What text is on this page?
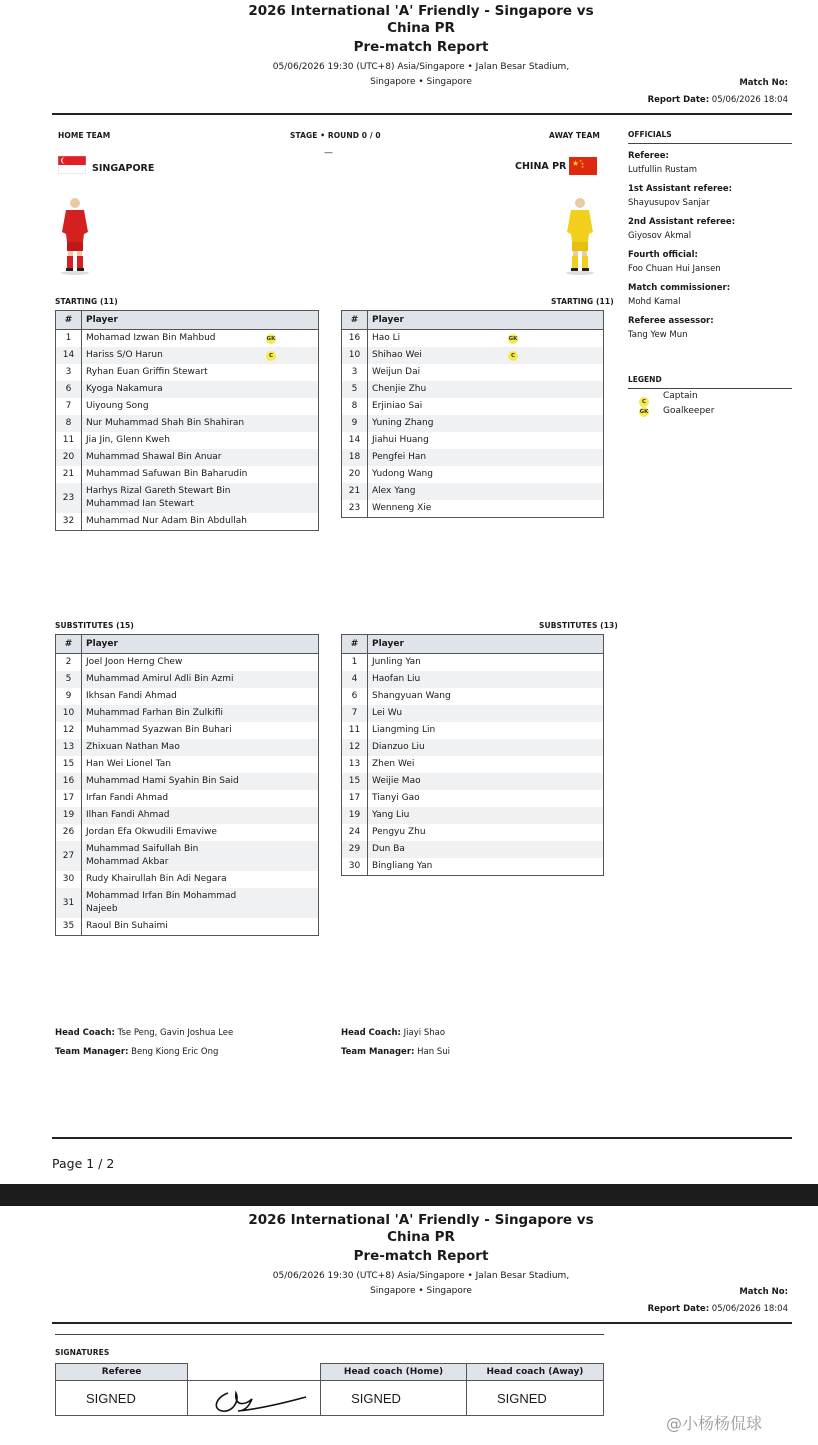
2026 International 'A' Friendly - Singapore vs
China PR
Pre-match Report
05/06/2026 19:30 (UTC+8) Asia/Singapore • Jalan Besar Stadium,
Singapore • Singapore	Match No:
Report Date: 05/06/2026 18:04
HOME TEAM	STAGE • ROUND 0 / 0
—
AWAY TEAM
SINGAPORE	CHINA PR ★ ★
★
★
STARTING (11)	STARTING (11)
#	Player
1	Mohamad Izwan Bin Mahbud GK

14	Hariss S/O Harun C

3	Ryhan Euan Griffin Stewart
6	Kyoga Nakamura
7	Uiyoung Song
8	Nur Muhammad Shah Bin Shahiran
11	Jia Jin, Glenn Kweh
20	Muhammad Shawal Bin Anuar
21	Muhammad Safuwan Bin Baharudin
23	Harhys Rizal Gareth Stewart Bin Muhammad Ian Stewart
32	Muhammad Nur Adam Bin Abdullah
#	Player
16	Hao Li GK

10	Shihao Wei C

3	Weijun Dai
5	Chenjie Zhu
8	Erjiniao Sai
9	Yuning Zhang
14	Jiahui Huang
18	Pengfei Han
20	Yudong Wang
21	Alex Yang
23	Wenneng Xie
SUBSTITUTES (15)	SUBSTITUTES (13)
#	Player
2	Joel Joon Herng Chew
5	Muhammad Amirul Adli Bin Azmi
9	Ikhsan Fandi Ahmad
10	Muhammad Farhan Bin Zulkifli
12	Muhammad Syazwan Bin Buhari
13	Zhixuan Nathan Mao
15	Han Wei Lionel Tan
16	Muhammad Hami Syahin Bin Said
17	Irfan Fandi Ahmad
19	Ilhan Fandi Ahmad
26	Jordan Efa Okwudili Emaviwe
27	Muhammad Saifullah Bin Mohammad Akbar
30	Rudy Khairullah Bin Adi Negara
31	Mohammad Irfan Bin Mohammad Najeeb
35	Raoul Bin Suhaimi
#	Player
1	Junling Yan
4	Haofan Liu
6	Shangyuan Wang
7	Lei Wu
11	Liangming Lin
12	Dianzuo Liu
13	Zhen Wei
15	Weijie Mao
17	Tianyi Gao
19	Yang Liu
24	Pengyu Zhu
29	Dun Ba
30	Bingliang Yan
OFFICIALS
Referee:
Lutfullin Rustam
1st Assistant referee:
Shayusupov Sanjar
2nd Assistant referee:
Giyosov Akmal
Fourth official:
Foo Chuan Hui Jansen
Match commissioner:
Mohd Kamal
Referee assessor:
Tang Yew Mun
LEGEND
C
Captain
GK Goalkeeper
Head Coach: Tse Peng, Gavin Joshua Lee
Team Manager: Beng Kiong Eric Ong
Head Coach: Jiayi Shao
Team Manager: Han Sui
Page 1 / 2
2026 International 'A' Friendly - Singapore vs
China PR
Pre-match Report
05/06/2026 19:30 (UTC+8) Asia/Singapore • Jalan Besar Stadium,
Singapore • Singapore	Match No:
Report Date: 05/06/2026 18:04
SIGNATURES
Referee		Head coach (Home)	Head coach (Away)
SIGNED		SIGNED	SIGNED
@小杨杨侃球
